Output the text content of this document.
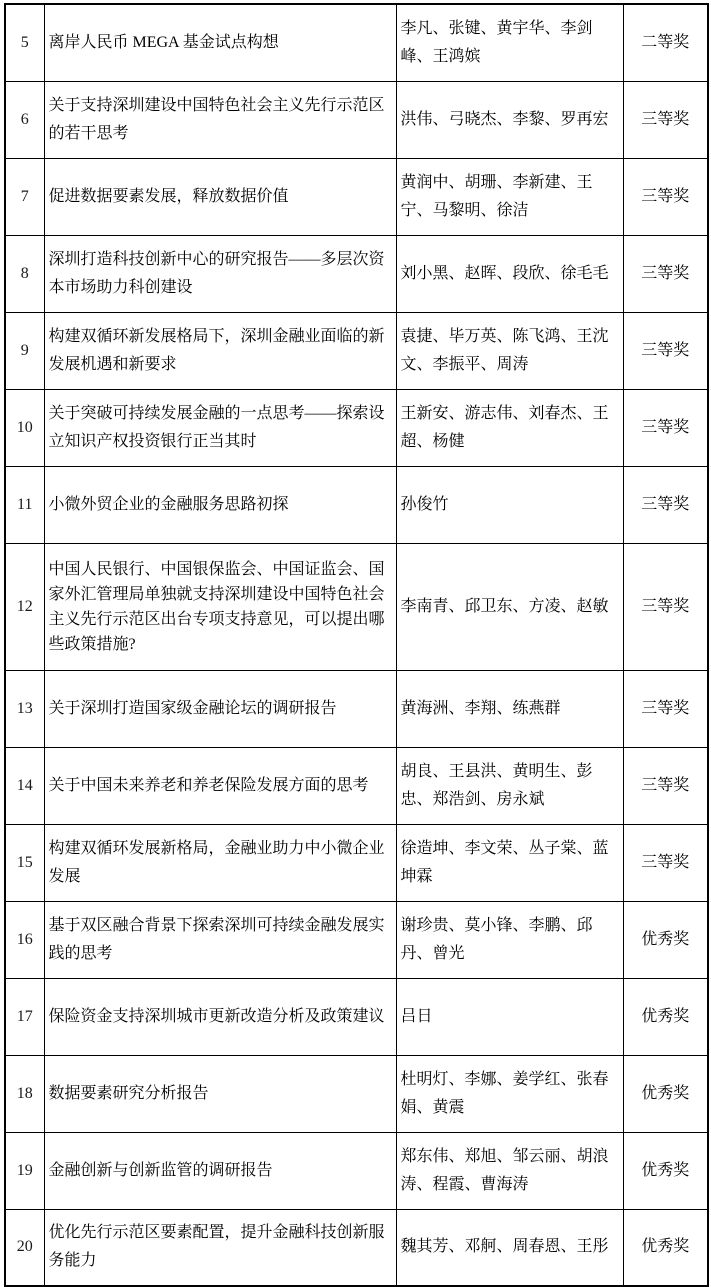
5	离岸人民币 MEGA 基金试点构想	李凡、张键、黄宇华、李剑峰、王鸿嫔	二等奖
6	关于支持深圳建设中国特色社会主义先行示范区的若干思考	洪伟、弓晓杰、李黎、罗再宏	三等奖
7	促进数据要素发展，释放数据价值	黄润中、胡珊、李新建、王宁、马黎明、徐洁	三等奖
8	深圳打造科技创新中心的研究报告——多层次资本市场助力科创建设	刘小黑、赵晖、段欣、徐毛毛	三等奖
9	构建双循环新发展格局下，深圳金融业面临的新发展机遇和新要求	袁捷、毕万英、陈飞鸿、王沈文、李振平、周涛	三等奖
10	关于突破可持续发展金融的一点思考——探索设立知识产权投资银行正当其时	王新安、游志伟、刘春杰、王超、杨健	三等奖
11	小微外贸企业的金融服务思路初探	孙俊竹	三等奖
12	中国人民银行、中国银保监会、中国证监会、国家外汇管理局单独就支持深圳建设中国特色社会主义先行示范区出台专项支持意见，可以提出哪些政策措施?	李南青、邱卫东、方凌、赵敏	三等奖
13	关于深圳打造国家级金融论坛的调研报告	黄海洲、李翔、练燕群	三等奖
14	关于中国未来养老和养老保险发展方面的思考	胡良、王县洪、黄明生、彭忠、郑浩剑、房永斌	三等奖
15	构建双循环发展新格局，金融业助力中小微企业发展	徐造坤、李文荣、丛子棠、蓝坤霖	三等奖
16	基于双区融合背景下探索深圳可持续金融发展实践的思考	谢珍贵、莫小锋、李鹏、邱丹、曾光	优秀奖
17	保险资金支持深圳城市更新改造分析及政策建议	吕日	优秀奖
18	数据要素研究分析报告	杜明灯、李娜、姜学红、张春娟、黄震	优秀奖
19	金融创新与创新监管的调研报告	郑东伟、郑旭、邹云丽、胡浪涛、程霞、曹海涛	优秀奖
20	优化先行示范区要素配置，提升金融科技创新服务能力	魏其芳、邓舸、周春恩、王彤	优秀奖
